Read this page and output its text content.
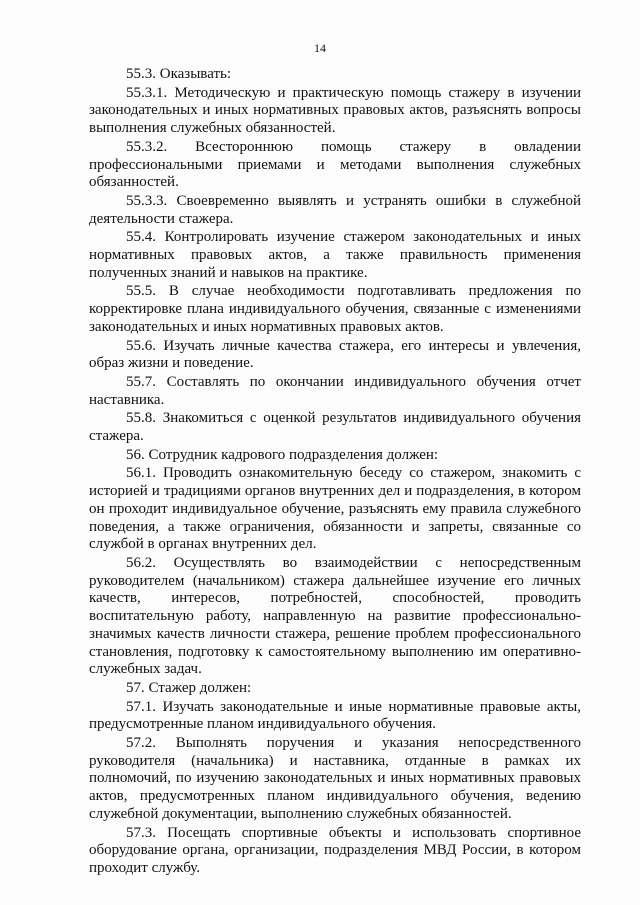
14

55.3. Оказывать:

55.3.1. Методическую и практическую помощь стажеру в изучении законодательных и иных нормативных правовых актов, разъяснять вопросы выполнения служебных обязанностей.

55.3.2. Всестороннюю помощь стажеру в овладении профессиональными приемами и методами выполнения служебных обязанностей.

55.3.3. Своевременно выявлять и устранять ошибки в служебной деятельности стажера.

55.4. Контролировать изучение стажером законодательных и иных нормативных правовых актов, а также правильность применения полученных знаний и навыков на практике.

55.5. В случае необходимости подготавливать предложения по корректировке плана индивидуального обучения, связанные с изменениями законодательных и иных нормативных правовых актов.

55.6. Изучать личные качества стажера, его интересы и увлечения, образ жизни и поведение.

55.7. Составлять по окончании индивидуального обучения отчет наставника.

55.8. Знакомиться с оценкой результатов индивидуального обучения стажера.

56. Сотрудник кадрового подразделения должен:

56.1. Проводить ознакомительную беседу со стажером, знакомить с историей и традициями органов внутренних дел и подразделения, в котором он проходит индивидуальное обучение, разъяснять ему правила служебного поведения, а также ограничения, обязанности и запреты, связанные со службой в органах внутренних дел.

56.2. Осуществлять во взаимодействии с непосредственным руководителем (начальником) стажера дальнейшее изучение его личных качеств, интересов, потребностей, способностей, проводить воспитательную работу, направленную на развитие профессионально-значимых качеств личности стажера, решение проблем профессионального становления, подготовку к самостоятельному выполнению им оперативно-служебных задач.

57. Стажер должен:

57.1. Изучать законодательные и иные нормативные правовые акты, предусмотренные планом индивидуального обучения.

57.2. Выполнять поручения и указания непосредственного руководителя (начальника) и наставника, отданные в рамках их полномочий, по изучению законодательных и иных нормативных правовых актов, предусмотренных планом индивидуального обучения, ведению служебной документации, выполнению служебных обязанностей.

57.3. Посещать спортивные объекты и использовать спортивное оборудование органа, организации, подразделения МВД России, в котором проходит службу.
